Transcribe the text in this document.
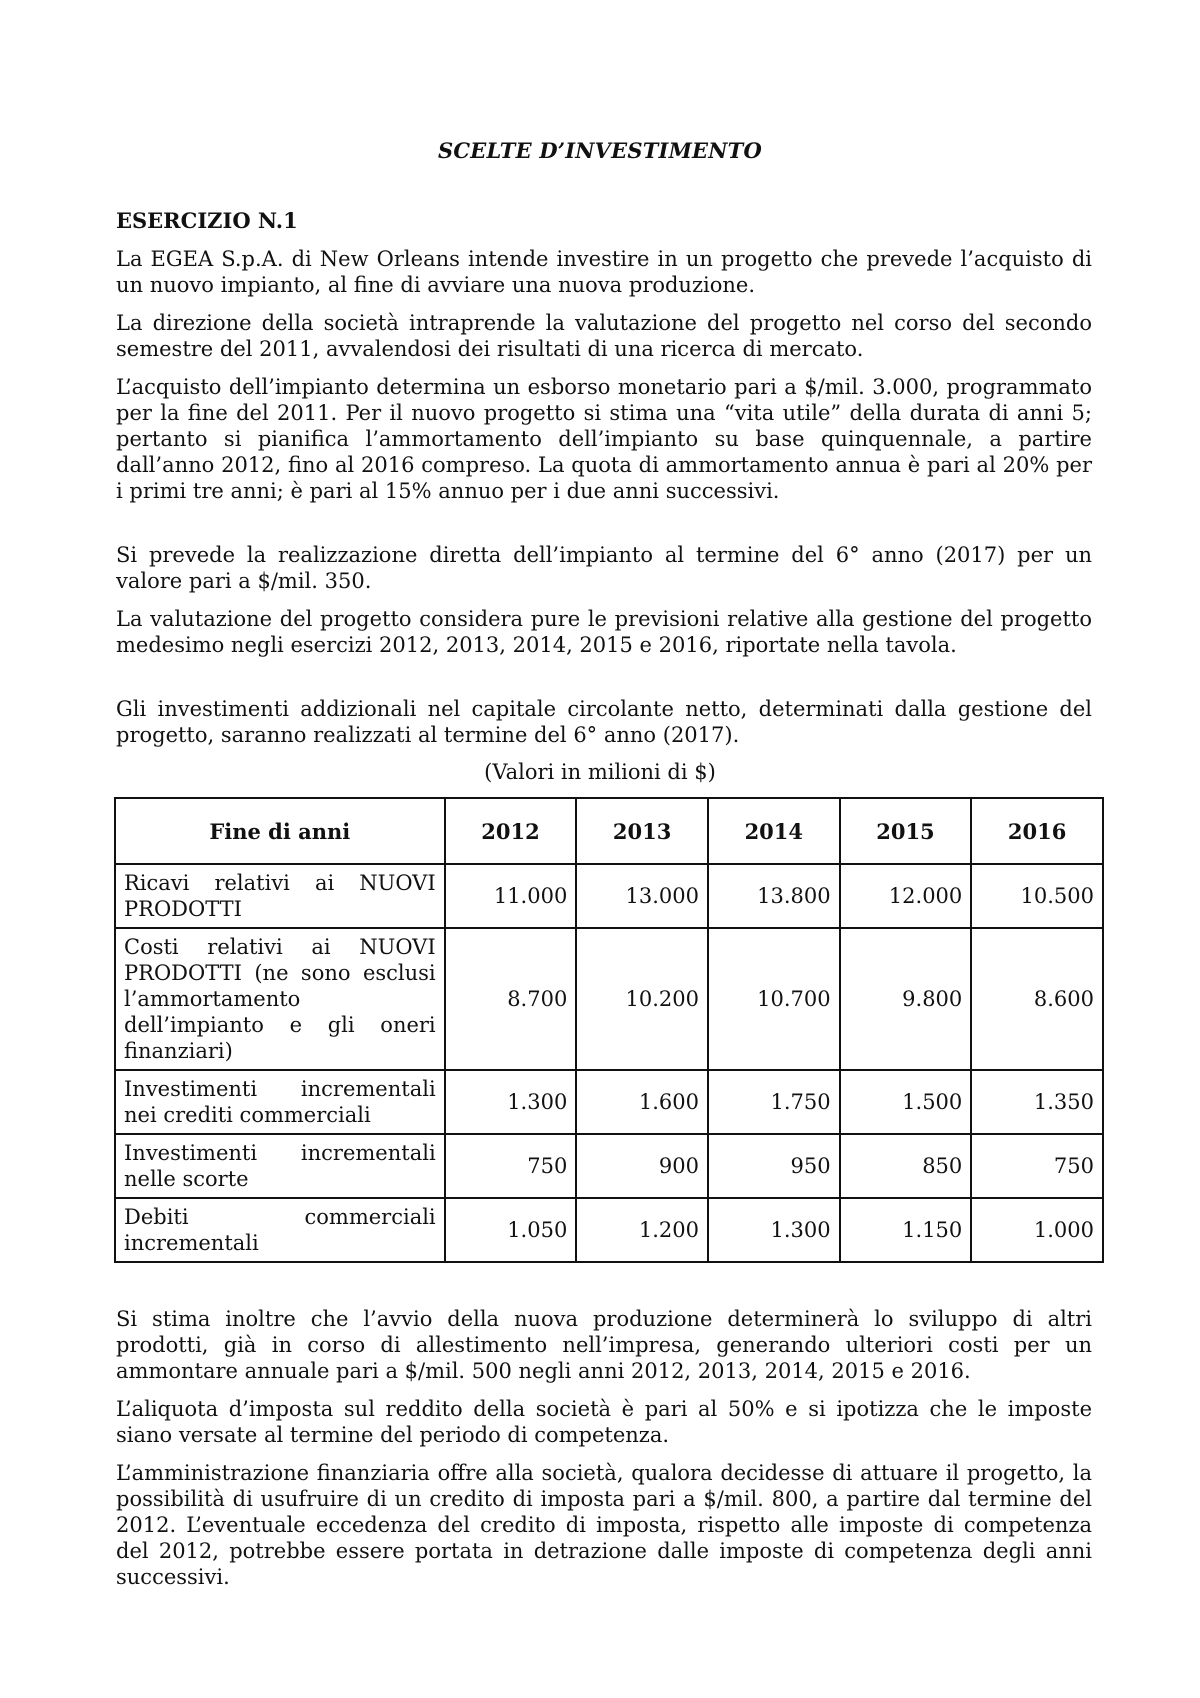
SCELTE D’INVESTIMENTO
ESERCIZIO N.1

La EGEA S.p.A. di New Orleans intende investire in un progetto che prevede l’acquisto di un nuovo impianto, al fine di avviare una nuova produzione.

La direzione della società intraprende la valutazione del progetto nel corso del secondo semestre del 2011, avvalendosi dei risultati di una ricerca di mercato.

L’acquisto dell’impianto determina un esborso monetario pari a $/mil. 3.000, programmato per la fine del 2011. Per il nuovo progetto si stima una “vita utile” della durata di anni 5; pertanto si pianifica l’ammortamento dell’impianto su base quinquennale, a partire dall’anno 2012, fino al 2016 compreso. La quota di ammortamento annua è pari al 20% per i primi tre anni; è pari al 15% annuo per i due anni successivi.

Si prevede la realizzazione diretta dell’impianto al termine del 6° anno (2017) per un valore pari a $/mil. 350.

La valutazione del progetto considera pure le previsioni relative alla gestione del progetto medesimo negli esercizi 2012, 2013, 2014, 2015 e 2016, riportate nella tavola.

Gli investimenti addizionali nel capitale circolante netto, determinati dalla gestione del progetto, saranno realizzati al termine del 6° anno (2017).

(Valori in milioni di $)
Fine di anni	2012	2013	2014	2015	2016
Ricavi relativi ai NUOVI PRODOTTI	11.000	13.000	13.800	12.000	10.500
Costi relativi ai NUOVI PRODOTTI (ne sono esclusi l’ammortamento dell’impianto e gli oneri finanziari)	8.700	10.200	10.700	9.800	8.600
Investimenti incrementali nei crediti commerciali	1.300	1.600	1.750	1.500	1.350
Investimenti incrementali nelle scorte	750	900	950	850	750
Debiti commerciali incrementali	1.050	1.200	1.300	1.150	1.000

Si stima inoltre che l’avvio della nuova produzione determinerà lo sviluppo di altri prodotti, già in corso di allestimento nell’impresa, generando ulteriori costi per un ammontare annuale pari a $/mil. 500 negli anni 2012, 2013, 2014, 2015 e 2016.

L’aliquota d’imposta sul reddito della società è pari al 50% e si ipotizza che le imposte siano versate al termine del periodo di competenza.

L’amministrazione finanziaria offre alla società, qualora decidesse di attuare il progetto, la possibilità di usufruire di un credito di imposta pari a $/mil. 800, a partire dal termine del 2012. L’eventuale eccedenza del credito di imposta, rispetto alle imposte di competenza del 2012, potrebbe essere portata in detrazione dalle imposte di competenza degli anni successivi.
